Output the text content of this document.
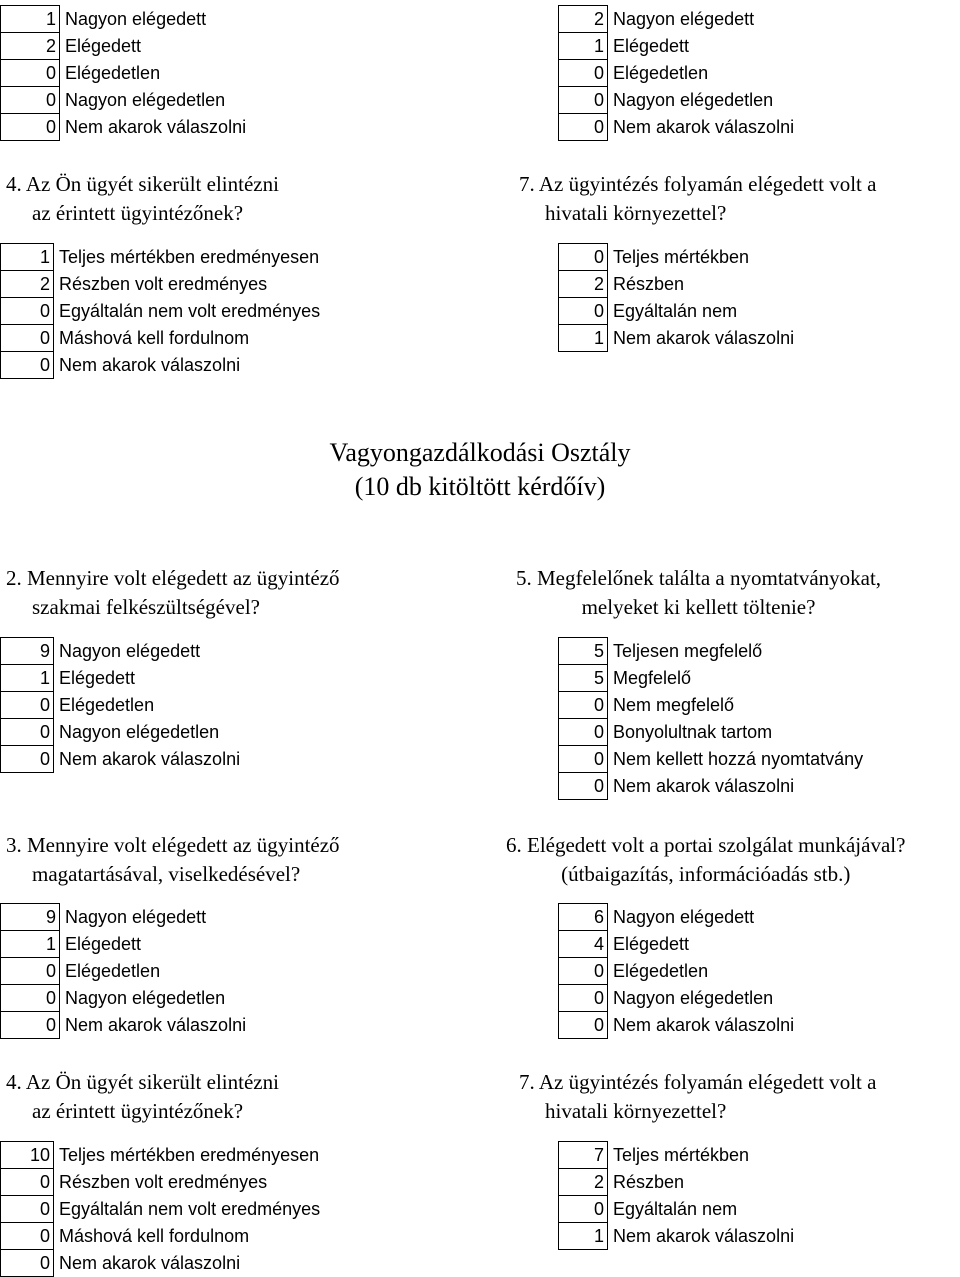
1	Nagyon elégedett
2	Elégedett
0	Elégedetlen
0	Nagyon elégedetlen
0	Nem akarok válaszolni
2	Nagyon elégedett
1	Elégedett
0	Elégedetlen
0	Nagyon elégedetlen
0	Nem akarok válaszolni
4. Az Ön ügyét sikerült elintézni
az érintett ügyintézőnek?
7. Az ügyintézés folyamán elégedett volt a
hivatali környezettel?
1	Teljes mértékben eredményesen
2	Részben volt eredményes
0	Egyáltalán nem volt eredményes
0	Máshová kell fordulnom
0	Nem akarok válaszolni
0	Teljes mértékben
2	Részben
0	Egyáltalán nem
1	Nem akarok válaszolni
Vagyongazdálkodási Osztály
(10 db kitöltött kérdőív)
2. Mennyire volt elégedett az ügyintéző
szakmai felkészültségével?
5. Megfelelőnek találta a nyomtatványokat,
melyeket ki kellett töltenie?
9	Nagyon elégedett
1	Elégedett
0	Elégedetlen
0	Nagyon elégedetlen
0	Nem akarok válaszolni
5	Teljesen megfelelő
5	Megfelelő
0	Nem megfelelő
0	Bonyolultnak tartom
0	Nem kellett hozzá nyomtatvány
0	Nem akarok válaszolni
3. Mennyire volt elégedett az ügyintéző
magatartásával, viselkedésével?
6. Elégedett volt a portai szolgálat munkájával?
(útbaigazítás, információadás stb.)
9	Nagyon elégedett
1	Elégedett
0	Elégedetlen
0	Nagyon elégedetlen
0	Nem akarok válaszolni
6	Nagyon elégedett
4	Elégedett
0	Elégedetlen
0	Nagyon elégedetlen
0	Nem akarok válaszolni
4. Az Ön ügyét sikerült elintézni
az érintett ügyintézőnek?
7. Az ügyintézés folyamán elégedett volt a
hivatali környezettel?
10	Teljes mértékben eredményesen
0	Részben volt eredményes
0	Egyáltalán nem volt eredményes
0	Máshová kell fordulnom
0	Nem akarok válaszolni
7	Teljes mértékben
2	Részben
0	Egyáltalán nem
1	Nem akarok válaszolni
